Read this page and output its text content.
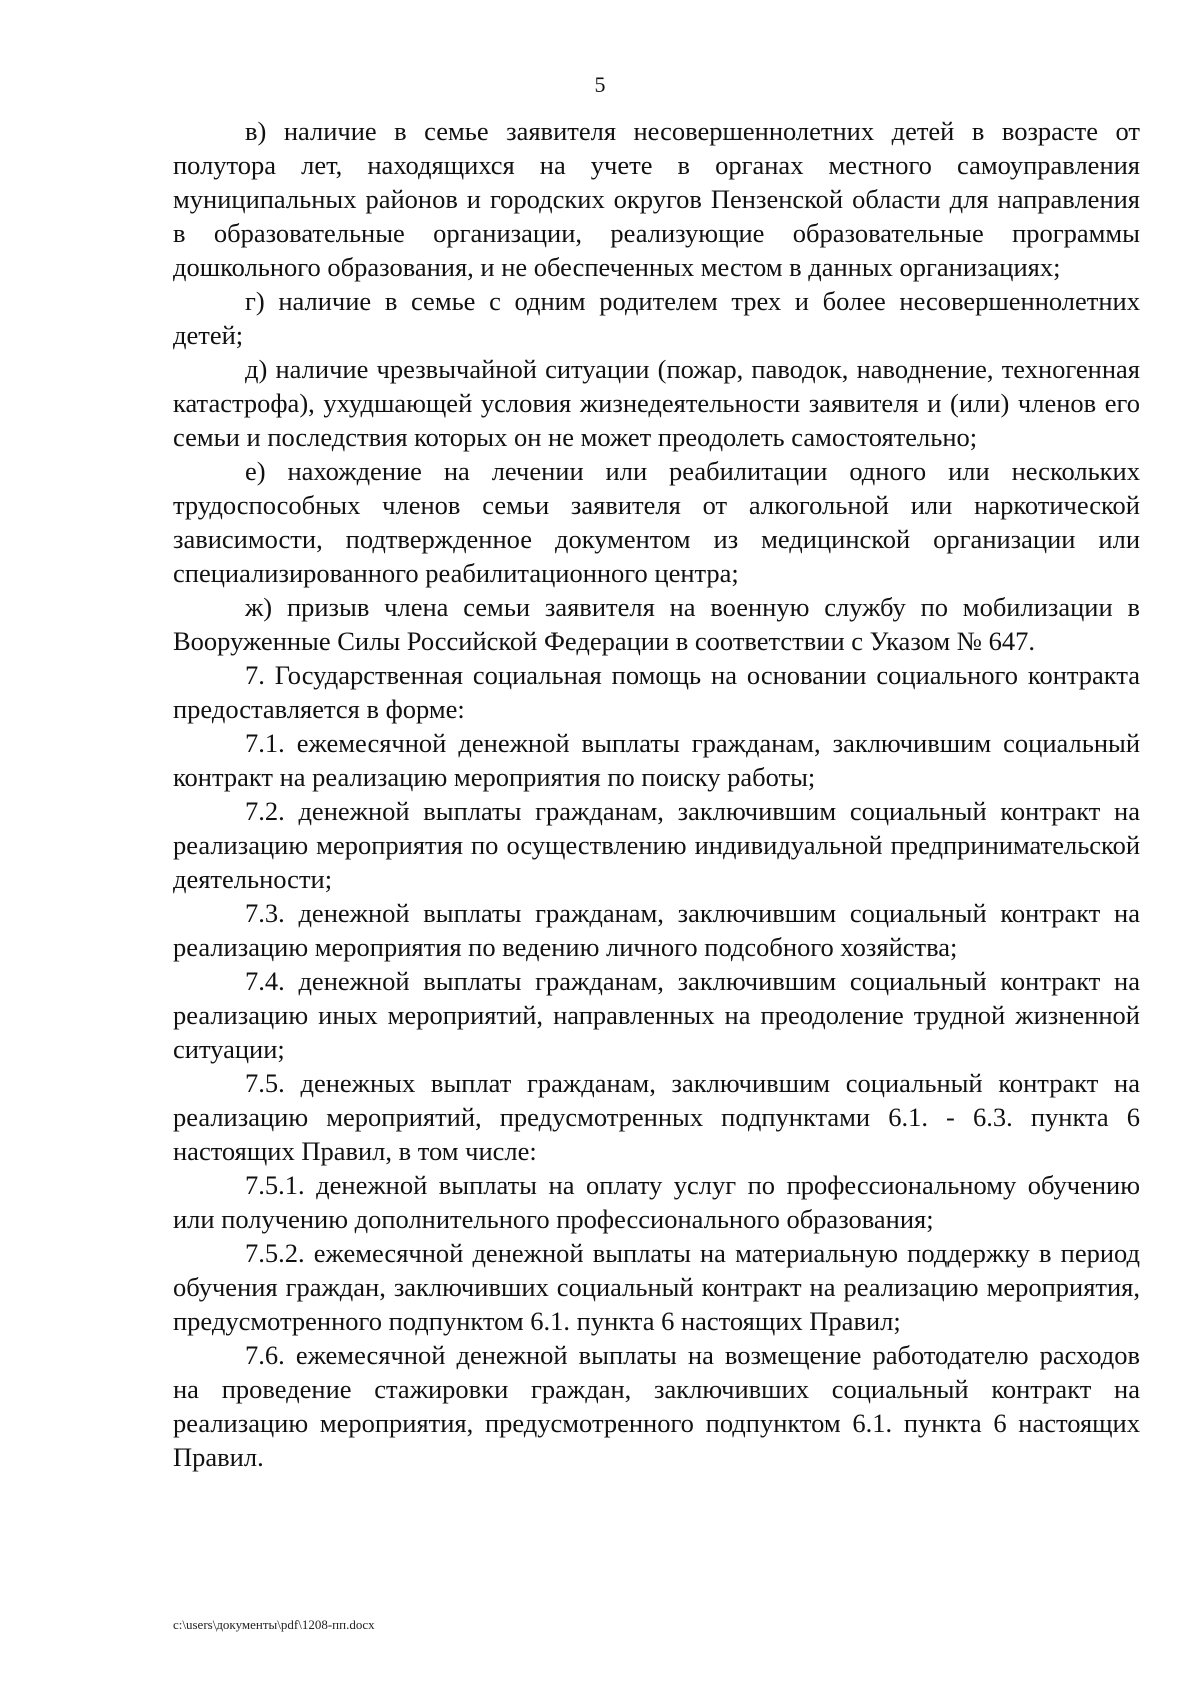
5

в) наличие в семье заявителя несовершеннолетних детей в возрасте от полутора лет, находящихся на учете в органах местного самоуправления муниципальных районов и городских округов Пензенской области для направления в образовательные организации, реализующие образовательные программы дошкольного образования, и не обеспеченных местом в данных организациях;

г) наличие в семье с одним родителем трех и более несовершеннолетних детей;

д) наличие чрезвычайной ситуации (пожар, паводок, наводнение, техногенная катастрофа), ухудшающей условия жизнедеятельности заявителя и (или) членов его семьи и последствия которых он не может преодолеть самостоятельно;

е) нахождение на лечении или реабилитации одного или нескольких трудоспособных членов семьи заявителя от алкогольной или наркотической зависимости, подтвержденное документом из медицинской организации или специализированного реабилитационного центра;

ж) призыв члена семьи заявителя на военную службу по мобилизации в Вооруженные Силы Российской Федерации в соответствии с Указом № 647.

7. Государственная социальная помощь на основании социального контракта предоставляется в форме:

7.1. ежемесячной денежной выплаты гражданам, заключившим социальный контракт на реализацию мероприятия по поиску работы;

7.2. денежной выплаты гражданам, заключившим социальный контракт на реализацию мероприятия по осуществлению индивидуальной предпринимательской деятельности;

7.3. денежной выплаты гражданам, заключившим социальный контракт на реализацию мероприятия по ведению личного подсобного хозяйства;

7.4. денежной выплаты гражданам, заключившим социальный контракт на реализацию иных мероприятий, направленных на преодоление трудной жизненной ситуации;

7.5. денежных выплат гражданам, заключившим социальный контракт на реализацию мероприятий, предусмотренных подпунктами 6.1. - 6.3. пункта 6 настоящих Правил, в том числе:

7.5.1. денежной выплаты на оплату услуг по профессиональному обучению или получению дополнительного профессионального образования;

7.5.2. ежемесячной денежной выплаты на материальную поддержку в период обучения граждан, заключивших социальный контракт на реализацию мероприятия, предусмотренного подпунктом 6.1. пункта 6 настоящих Правил;

7.6. ежемесячной денежной выплаты на возмещение работодателю расходов на проведение стажировки граждан, заключивших социальный контракт на реализацию мероприятия, предусмотренного подпунктом 6.1. пункта 6 настоящих Правил.

c:\users\документы\pdf\1208-пп.docx
